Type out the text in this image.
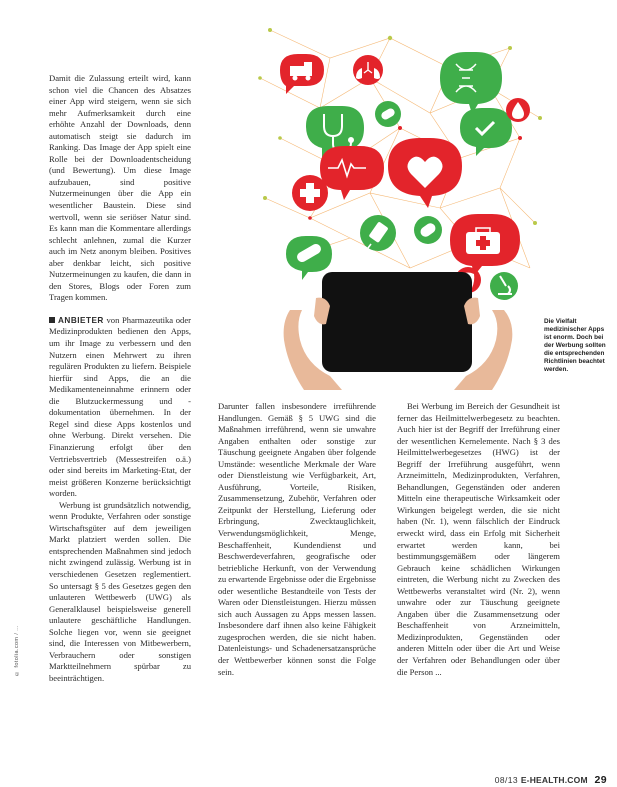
Damit die Zulassung erteilt wird, kann schon viel die Chancen des Absatzes einer App wird steigern, wenn sie sich mehr Aufmerksamkeit durch eine erhöhte Anzahl der Downloads, denn automatisch steigt sie dadurch im Ranking. Das Image der App spielt eine Rolle bei der Downloadentscheidung (und Bewertung). Um diese Image aufzubauen, sind positive Nutzermeinungen über die App ein wesentlicher Baustein. Diese sind wertvoll, wenn sie seriöser Natur sind. Es kann man die Kommentare allerdings schlecht anlehnen, zumal die Kurzer auch im Netz anonym bleiben. Positives aber denkbar leicht, sich positive Nutzermeinungen zu kaufen, die dann in den Stores, Blogs oder Foren zum Tragen kommen.

ANBIETER von Pharmazeutika oder Medizinprodukten bedienen den Apps, um ihr Image zu verbessern und den Nutzern einen Mehrwert zu ihren regulären Produkten zu liefern. Beispiele hierfür sind Apps, die an die Medikamenteneinnahme erinnern oder die Blutzuckermessung und -dokumentation übernehmen. In der Regel sind diese Apps kostenlos und ohne Werbung. Direkt versehen. Die Finanzierung erfolgt über den Vertriebsvertrieb (Messestreifen o.ä.) oder sind bereits im Marketing-Etat, der meist größeren Konzerne berücksichtigt worden.

Werbung ist grundsätzlich notwendig, wenn Produkte, Verfahren oder sonstige Wirtschaftsgüter auf dem jeweiligen Markt platziert werden sollen. Die entsprechenden Maßnahmen sind jedoch nicht zwingend zulässig. Werbung ist in verschiedenen Gesetzen reglementiert. So untersagt § 5 des Gesetzes gegen den unlauteren Wettbewerb (UWG) als Generalklausel beispielsweise generell unlautere geschäftliche Handlungen. Solche liegen vor, wenn sie geeignet sind, die Interessen von Mitbewerbern, Verbrauchern oder sonstigen Marktteilnehmern spürbar zu beeinträchtigen.

Darunter fallen insbesondere irreführende Handlungen. Gemäß § 5 UWG sind die Maßnahmen irreführend, wenn sie unwahre Angaben enthalten oder sonstige zur Täuschung geeignete Angaben über folgende Umstände: wesentliche Merkmale der Ware oder Dienstleistung wie Verfügbarkeit, Art, Ausführung, Vorteile, Risiken, Zusammensetzung, Zubehör, Verfahren oder Zeitpunkt der Herstellung, Lieferung oder Erbringung, Zwecktauglichkeit, Verwendungsmöglichkeit, Menge, Beschaffenheit, Kundendienst und Beschwerdeverfahren, geografische oder betriebliche Herkunft, von der Verwendung zu erwartende Ergebnisse oder die Ergebnisse oder wesentliche Bestandteile von Tests der Waren oder Dienstleistungen. Hierzu müssen sich auch Aussagen zu Apps messen lassen. Insbesondere darf ihnen also keine Fähigkeit zugesprochen werden, die sie nicht haben. Datenleistungs- und Schadenersatzansprüche der Wettbewerber können sonst die Folge sein.

Bei Werbung im Bereich der Gesundheit ist ferner das Heilmittelwerbegesetz zu beachten. Auch hier ist der Begriff der Irreführung einer der wesentlichen Kernelemente. Nach § 3 des Heilmittelwerbegesetzes (HWG) ist der Begriff der Irreführung ausgeführt, wenn Arzneimitteln, Medizinprodukten, Verfahren, Behandlungen, Gegenständen oder anderen Mitteln eine therapeutische Wirksamkeit oder Wirkungen beigelegt werden, die sie nicht haben (Nr. 1), wenn fälschlich der Eindruck erweckt wird, dass ein Erfolg mit Sicherheit erwartet werden kann, bei bestimmungsgemäßem oder längerem Gebrauch keine schädlichen Wirkungen eintreten, die Werbung nicht zu Zwecken des Wettbewerbs veranstaltet wird (Nr. 2), wenn unwahre oder zur Täuschung geeignete Angaben über die Zusammensetzung oder Beschaffenheit von Arzneimitteln, Medizinprodukten, Gegenständen oder anderen Mitteln oder über die Art und Weise der Verfahren oder Behandlungen oder über die Person ...

© fotolia.com / ...
Die Vielfalt medizinischer Apps ist enorm. Doch bei der Werbung sollten die entsprechenden Richtlinien beachtet werden.
08/13 E-HEALTH.COM 29
